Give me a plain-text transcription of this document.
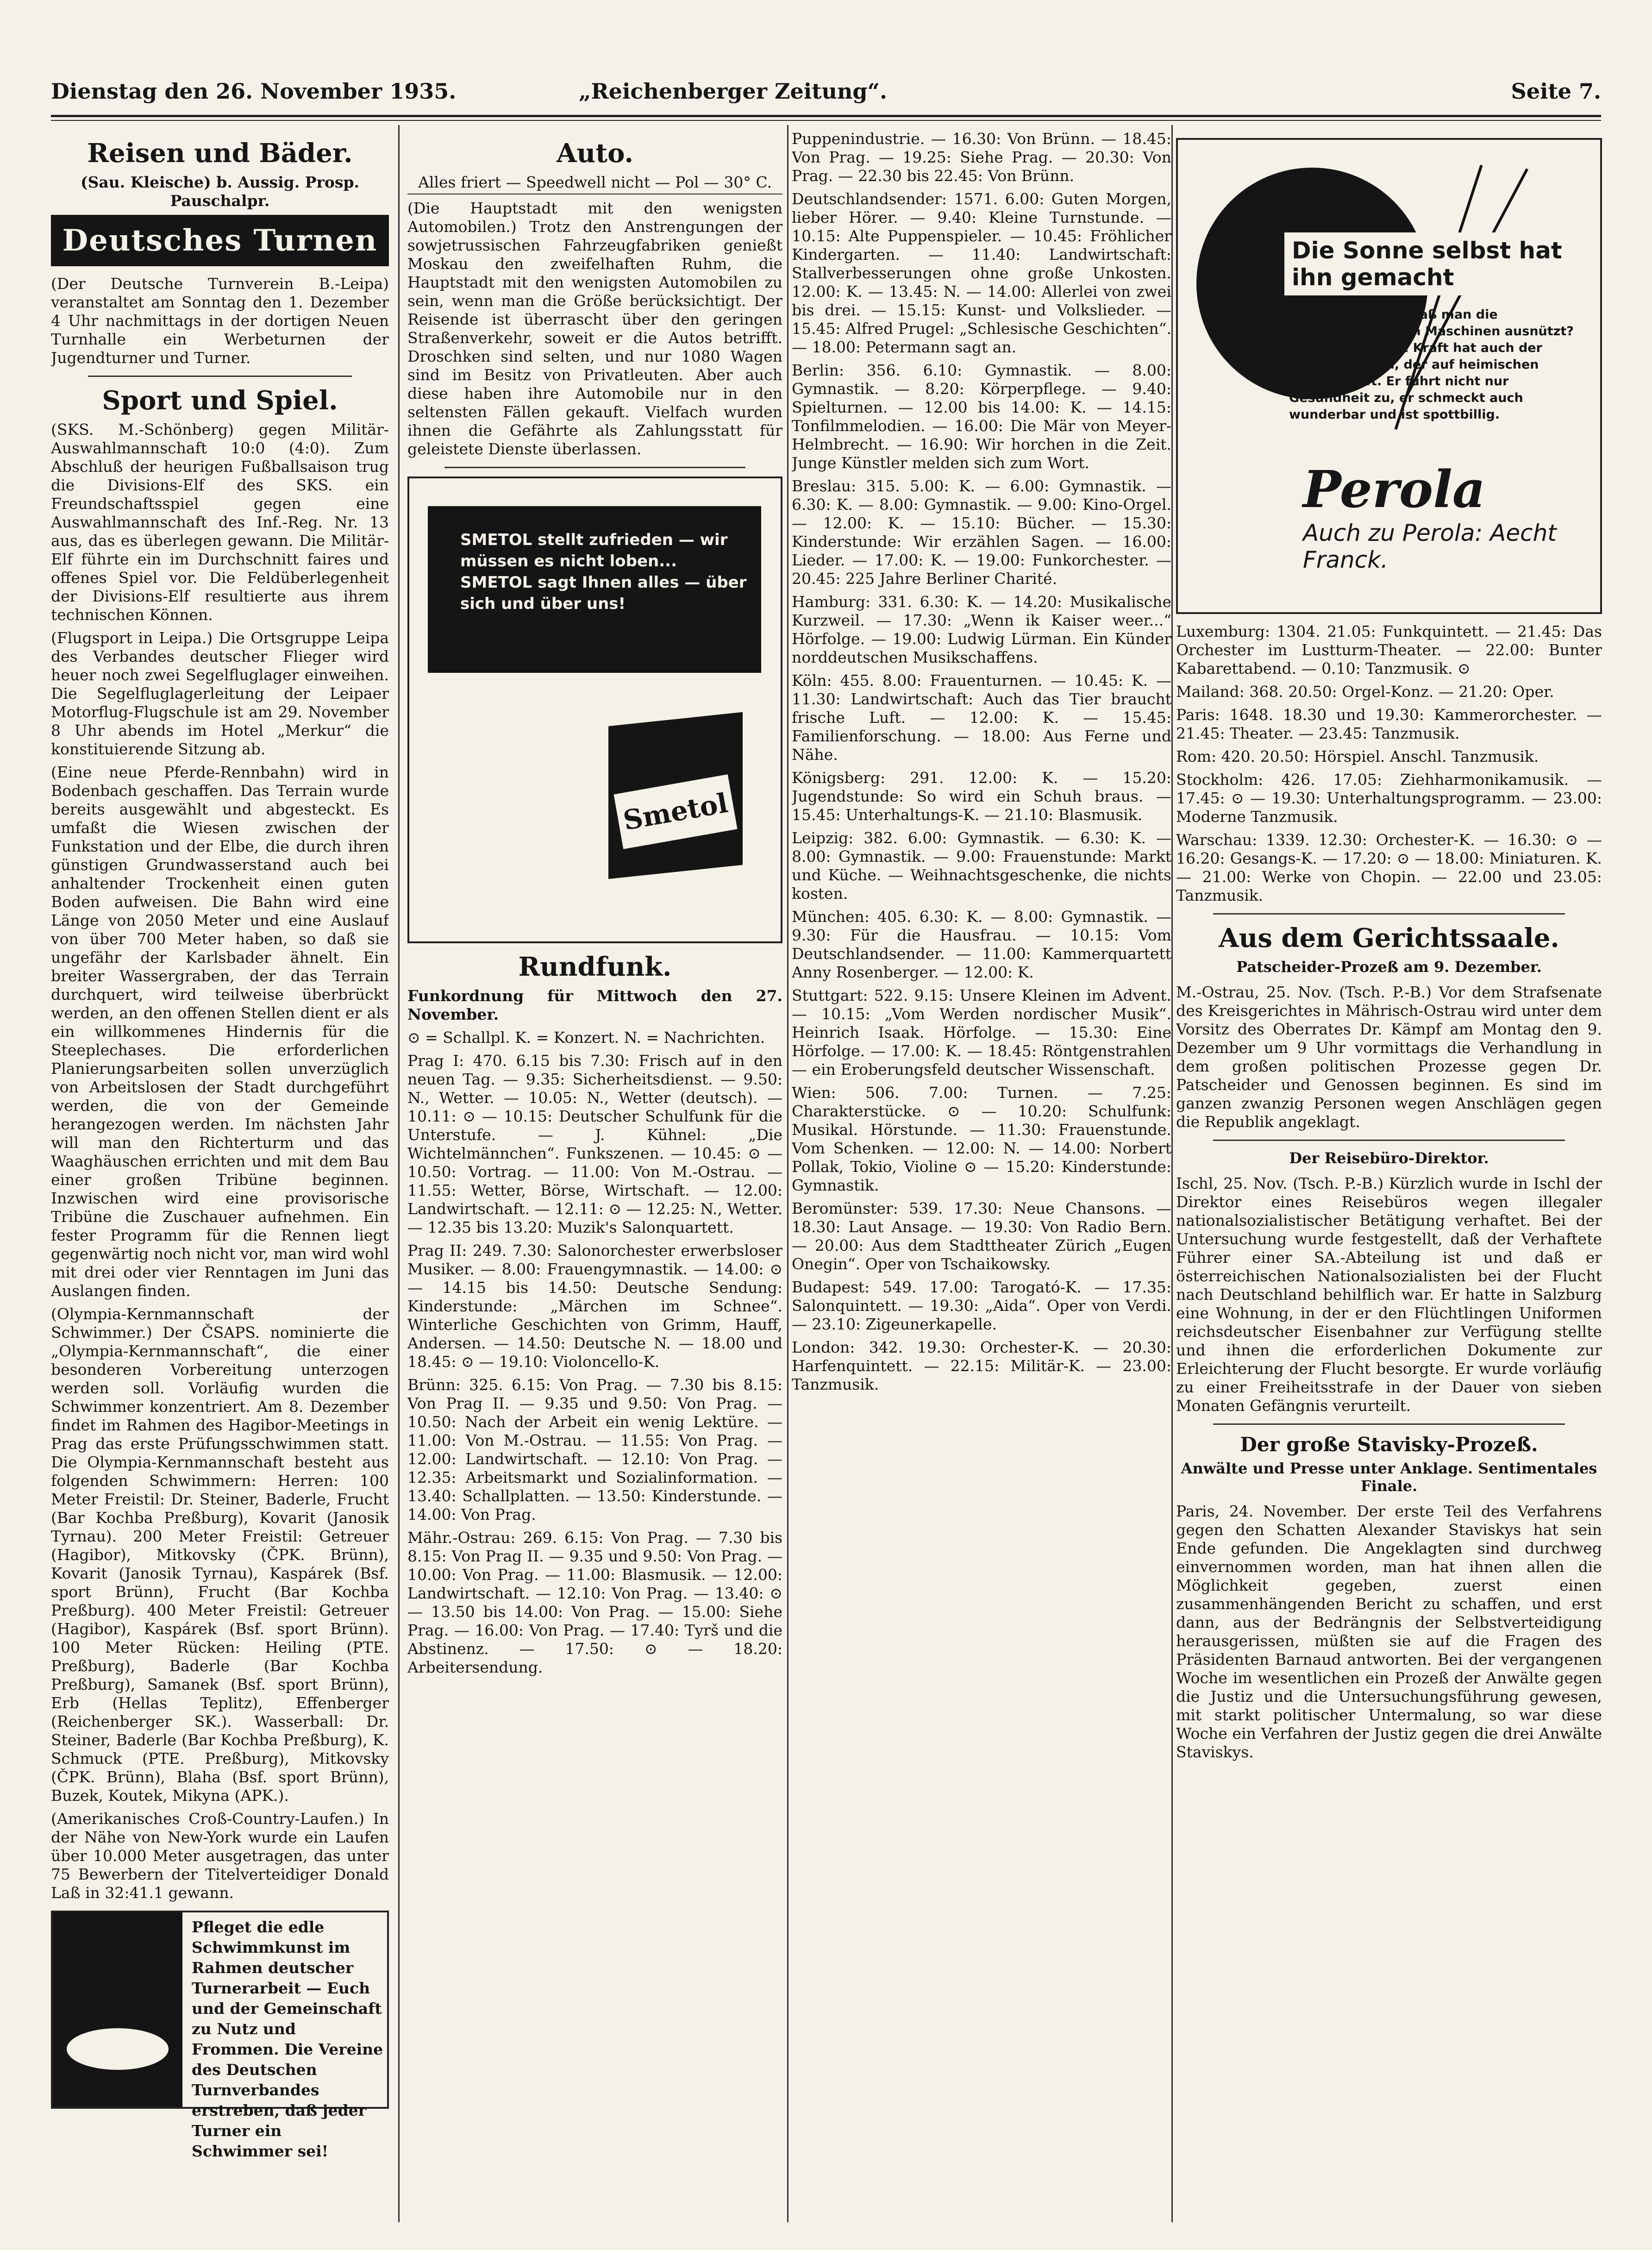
Dienstag den 26. November 1935.	„Reichenberger Zeitung“.	Seite 7.
Reisen und Bäder.

(Sau. Kleische) b. Aussig. Prosp. Pauschalpr.

Deutsches Turnen

(Der Deutsche Turnverein B.-Leipa) veranstaltet am Sonntag den 1. Dezember 4 Uhr nachmittags in der dortigen Neuen Turnhalle ein Werbeturnen der Jugendturner und Turner.

Sport und Spiel.

(SKS. M.-Schönberg) gegen Militär-Auswahlmannschaft 10:0 (4:0). Zum Abschluß der heurigen Fußballsaison trug die Divisions-Elf des SKS. ein Freundschaftsspiel gegen eine Auswahlmannschaft des Inf.-Reg. Nr. 13 aus, das es überlegen gewann. Die Militär-Elf führte ein im Durchschnitt faires und offenes Spiel vor. Die Feldüberlegenheit der Divisions-Elf resultierte aus ihrem technischen Können.

(Flugsport in Leipa.) Die Ortsgruppe Leipa des Verbandes deutscher Flieger wird heuer noch zwei Segelfluglager einweihen. Die Segelfluglagerleitung der Leipaer Motorflug-Flugschule ist am 29. November 8 Uhr abends im Hotel „Merkur“ die konstituierende Sitzung ab.

(Eine neue Pferde-Rennbahn) wird in Bodenbach geschaffen. Das Terrain wurde bereits ausgewählt und abgesteckt. Es umfaßt die Wiesen zwischen der Funkstation und der Elbe, die durch ihren günstigen Grundwasserstand auch bei anhaltender Trockenheit einen guten Boden aufweisen. Die Bahn wird eine Länge von 2050 Meter und eine Auslauf von über 700 Meter haben, so daß sie ungefähr der Karlsbader ähnelt. Ein breiter Wassergraben, der das Terrain durchquert, wird teilweise überbrückt werden, an den offenen Stellen dient er als ein willkommenes Hindernis für die Steeplechases. Die erforderlichen Planierungsarbeiten sollen unverzüglich von Arbeitslosen der Stadt durchgeführt werden, die von der Gemeinde herangezogen werden. Im nächsten Jahr will man den Richterturm und das Waaghäuschen errichten und mit dem Bau einer großen Tribüne beginnen. Inzwischen wird eine provisorische Tribüne die Zuschauer aufnehmen. Ein fester Programm für die Rennen liegt gegenwärtig noch nicht vor, man wird wohl mit drei oder vier Renntagen im Juni das Auslangen finden.

(Olympia-Kernmannschaft der Schwimmer.) Der ČSAPS. nominierte die „Olympia-Kernmannschaft“, die einer besonderen Vorbereitung unterzogen werden soll. Vorläufig wurden die Schwimmer konzentriert. Am 8. Dezember findet im Rahmen des Hagibor-Meetings in Prag das erste Prüfungsschwimmen statt. Die Olympia-Kernmannschaft besteht aus folgenden Schwimmern: Herren: 100 Meter Freistil: Dr. Steiner, Baderle, Frucht (Bar Kochba Preßburg), Kovarit (Janosik Tyrnau). 200 Meter Freistil: Getreuer (Hagibor), Mitkovsky (ČPK. Brünn), Kovarit (Janosik Tyrnau), Kaspárek (Bsf. sport Brünn), Frucht (Bar Kochba Preßburg). 400 Meter Freistil: Getreuer (Hagibor), Kaspárek (Bsf. sport Brünn). 100 Meter Rücken: Heiling (PTE. Preßburg), Baderle (Bar Kochba Preßburg), Samanek (Bsf. sport Brünn), Erb (Hellas Teplitz), Effenberger (Reichenberger SK.). Wasserball: Dr. Steiner, Baderle (Bar Kochba Preßburg), K. Schmuck (PTE. Preßburg), Mitkovsky (ČPK. Brünn), Blaha (Bsf. sport Brünn), Buzek, Koutek, Mikyna (APK.).

(Amerikanisches Croß-Country-Laufen.) In der Nähe von New-York wurde ein Laufen über 10.000 Meter ausgetragen, das unter 75 Bewerbern der Titelverteidiger Donald Laß in 32:41.1 gewann.

Pfleget die edle Schwimmkunst im Rahmen deutscher Turnerarbeit — Euch und der Gemeinschaft zu Nutz und Frommen. Die Vereine des Deutschen Turnverbandes erstreben, daß jeder Turner ein Schwimmer sei!
Auto.

Alles friert — Speedwell nicht — Pol — 30° C.

(Die Hauptstadt mit den wenigsten Automobilen.) Trotz den Anstrengungen der sowjetrussischen Fahrzeugfabriken genießt Moskau den zweifelhaften Ruhm, die Hauptstadt mit den wenigsten Automobilen zu sein, wenn man die Größe berücksichtigt. Der Reisende ist überrascht über den geringen Straßenverkehr, soweit er die Autos betrifft. Droschken sind selten, und nur 1080 Wagen sind im Besitz von Privatleuten. Aber auch diese haben ihre Automobile nur in den seltensten Fällen gekauft. Vielfach wurden ihnen die Gefährte als Zahlungsstatt für geleistete Dienste überlassen.

SMETOL stellt zufrieden — wir müssen es nicht loben... SMETOL sagt Ihnen alles — über sich und über uns!
Smetol
Rundfunk.

Funkordnung für Mittwoch den 27. November.

⊙ = Schallpl. K. = Konzert. N. = Nachrichten.

Prag I: 470. 6.15 bis 7.30: Frisch auf in den neuen Tag. — 9.35: Sicherheitsdienst. — 9.50: N., Wetter. — 10.05: N., Wetter (deutsch). — 10.11: ⊙ — 10.15: Deutscher Schulfunk für die Unterstufe. — J. Kühnel: „Die Wichtelmännchen“. Funkszenen. — 10.45: ⊙ — 10.50: Vortrag. — 11.00: Von M.-Ostrau. — 11.55: Wetter, Börse, Wirtschaft. — 12.00: Landwirtschaft. — 12.11: ⊙ — 12.25: N., Wetter. — 12.35 bis 13.20: Muzik's Salonquartett.

Prag II: 249. 7.30: Salonorchester erwerbsloser Musiker. — 8.00: Frauengymnastik. — 14.00: ⊙ — 14.15 bis 14.50: Deutsche Sendung: Kinderstunde: „Märchen im Schnee“. Winterliche Geschichten von Grimm, Hauff, Andersen. — 14.50: Deutsche N. — 18.00 und 18.45: ⊙ — 19.10: Violoncello-K.

Brünn: 325. 6.15: Von Prag. — 7.30 bis 8.15: Von Prag II. — 9.35 und 9.50: Von Prag. — 10.50: Nach der Arbeit ein wenig Lektüre. — 11.00: Von M.-Ostrau. — 11.55: Von Prag. — 12.00: Landwirtschaft. — 12.10: Von Prag. — 12.35: Arbeitsmarkt und Sozialinformation. — 13.40: Schallplatten. — 13.50: Kinderstunde. — 14.00: Von Prag.

Mähr.-Ostrau: 269. 6.15: Von Prag. — 7.30 bis 8.15: Von Prag II. — 9.35 und 9.50: Von Prag. — 10.00: Von Prag. — 11.00: Blasmusik. — 12.00: Landwirtschaft. — 12.10: Von Prag. — 13.40: ⊙ — 13.50 bis 14.00: Von Prag. — 15.00: Siehe Prag. — 16.00: Von Prag. — 17.40: Tyrš und die Abstinenz. — 17.50: ⊙ — 18.20: Arbeitersendung.

Puppenindustrie. — 16.30: Von Brünn. — 18.45: Von Prag. — 19.25: Siehe Prag. — 20.30: Von Prag. — 22.30 bis 22.45: Von Brünn.

Deutschlandsender: 1571. 6.00: Guten Morgen, lieber Hörer. — 9.40: Kleine Turnstunde. — 10.15: Alte Puppenspieler. — 10.45: Fröhlicher Kindergarten. — 11.40: Landwirtschaft: Stallverbesserungen ohne große Unkosten. 12.00: K. — 13.45: N. — 14.00: Allerlei von zwei bis drei. — 15.15: Kunst- und Volkslieder. — 15.45: Alfred Prugel: „Schlesische Geschichten“. — 18.00: Petermann sagt an.

Berlin: 356. 6.10: Gymnastik. — 8.00: Gymnastik. — 8.20: Körperpflege. — 9.40: Spielturnen. — 12.00 bis 14.00: K. — 14.15: Tonfilmmelodien. — 16.00: Die Mär von Meyer-Helmbrecht. — 16.90: Wir horchen in die Zeit. Junge Künstler melden sich zum Wort.

Breslau: 315. 5.00: K. — 6.00: Gymnastik. — 6.30: K. — 8.00: Gymnastik. — 9.00: Kino-Orgel. — 12.00: K. — 15.10: Bücher. — 15.30: Kinderstunde: Wir erzählen Sagen. — 16.00: Lieder. — 17.00: K. — 19.00: Funkorchester. — 20.45: 225 Jahre Berliner Charité.

Hamburg: 331. 6.30: K. — 14.20: Musikalische Kurzweil. — 17.30: „Wenn ik Kaiser weer...“ Hörfolge. — 19.00: Ludwig Lürman. Ein Künder norddeutschen Musikschaffens.

Köln: 455. 8.00: Frauenturnen. — 10.45: K. — 11.30: Landwirtschaft: Auch das Tier braucht frische Luft. — 12.00: K. — 15.45: Familienforschung. — 18.00: Aus Ferne und Nähe.

Königsberg: 291. 12.00: K. — 15.20: Jugendstunde: So wird ein Schuh braus. — 15.45: Unterhaltungs-K. — 21.10: Blasmusik.

Leipzig: 382. 6.00: Gymnastik. — 6.30: K. — 8.00: Gymnastik. — 9.00: Frauenstunde: Markt und Küche. — Weihnachtsgeschenke, die nichts kosten.

München: 405. 6.30: K. — 8.00: Gymnastik. — 9.30: Für die Hausfrau. — 10.15: Vom Deutschlandsender. — 11.00: Kammerquartett Anny Rosenberger. — 12.00: K.

Stuttgart: 522. 9.15: Unsere Kleinen im Advent. — 10.15: „Vom Werden nordischer Musik“. Heinrich Isaak. Hörfolge. — 15.30: Eine Hörfolge. — 17.00: K. — 18.45: Röntgenstrahlen — ein Eroberungsfeld deutscher Wissenschaft.

Wien: 506. 7.00: Turnen. — 7.25: Charakterstücke. ⊙ — 10.20: Schulfunk: Musikal. Hörstunde. — 11.30: Frauenstunde. Vom Schenken. — 12.00: N. — 14.00: Norbert Pollak, Tokio, Violine ⊙ — 15.20: Kinderstunde: Gymnastik.

Beromünster: 539. 17.30: Neue Chansons. — 18.30: Laut Ansage. — 19.30: Von Radio Bern. — 20.00: Aus dem Stadttheater Zürich „Eugen Onegin“. Oper von Tschaikowsky.

Budapest: 549. 17.00: Tarogató-K. — 17.35: Salonquintett. — 19.30: „Aida“. Oper von Verdi. — 23.10: Zigeunerkapelle.

London: 342. 19.30: Orchester-K. — 20.30: Harfenquintett. — 22.15: Militär-K. — 23.00: Tanzmusik.

Die Sonne selbst hat ihn gemacht
Sie wissen doch, daß man die Sonnenkraft durch Maschinen ausnützt? Diese ungeheure Kraft hat auch der PEROLA in sich, der auf heimischen Feldern reift. Er führt nicht nur Gesundheit zu, er schmeckt auch wunderbar und ist spottbillig.
Perola
Auch zu Perola: Aecht Franck.

Luxemburg: 1304. 21.05: Funkquintett. — 21.45: Das Orchester im Lustturm-Theater. — 22.00: Bunter Kabarettabend. — 0.10: Tanzmusik. ⊙

Mailand: 368. 20.50: Orgel-Konz. — 21.20: Oper.

Paris: 1648. 18.30 und 19.30: Kammerorchester. — 21.45: Theater. — 23.45: Tanzmusik.

Rom: 420. 20.50: Hörspiel. Anschl. Tanzmusik.

Stockholm: 426. 17.05: Ziehharmonikamusik. — 17.45: ⊙ — 19.30: Unterhaltungsprogramm. — 23.00: Moderne Tanzmusik.

Warschau: 1339. 12.30: Orchester-K. — 16.30: ⊙ — 16.20: Gesangs-K. — 17.20: ⊙ — 18.00: Miniaturen. K. — 21.00: Werke von Chopin. — 22.00 und 23.05: Tanzmusik.

Aus dem Gerichtssaale.
Patscheider-Prozeß am 9. Dezember.

M.-Ostrau, 25. Nov. (Tsch. P.-B.) Vor dem Strafsenate des Kreisgerichtes in Mährisch-Ostrau wird unter dem Vorsitz des Oberrates Dr. Kämpf am Montag den 9. Dezember um 9 Uhr vormittags die Verhandlung in dem großen politischen Prozesse gegen Dr. Patscheider und Genossen beginnen. Es sind im ganzen zwanzig Personen wegen Anschlägen gegen die Republik angeklagt.

Der Reisebüro-Direktor.

Ischl, 25. Nov. (Tsch. P.-B.) Kürzlich wurde in Ischl der Direktor eines Reisebüros wegen illegaler nationalsozialistischer Betätigung verhaftet. Bei der Untersuchung wurde festgestellt, daß der Verhaftete Führer einer SA.-Abteilung ist und daß er österreichischen Nationalsozialisten bei der Flucht nach Deutschland behilflich war. Er hatte in Salzburg eine Wohnung, in der er den Flüchtlingen Uniformen reichsdeutscher Eisenbahner zur Verfügung stellte und ihnen die erforderlichen Dokumente zur Erleichterung der Flucht besorgte. Er wurde vorläufig zu einer Freiheitsstrafe in der Dauer von sieben Monaten Gefängnis verurteilt.

Der große Stavisky-Prozeß.
Anwälte und Presse unter Anklage. Sentimentales Finale.

Paris, 24. November. Der erste Teil des Verfahrens gegen den Schatten Alexander Staviskys hat sein Ende gefunden. Die Angeklagten sind durchweg einvernommen worden, man hat ihnen allen die Möglichkeit gegeben, zuerst einen zusammenhängenden Bericht zu schaffen, und erst dann, aus der Bedrängnis der Selbstverteidigung herausgerissen, müßten sie auf die Fragen des Präsidenten Barnaud antworten. Bei der vergangenen Woche im wesentlichen ein Prozeß der Anwälte gegen die Justiz und die Untersuchungsführung gewesen, mit starkt politischer Untermalung, so war diese Woche ein Verfahren der Justiz gegen die drei Anwälte Staviskys.
